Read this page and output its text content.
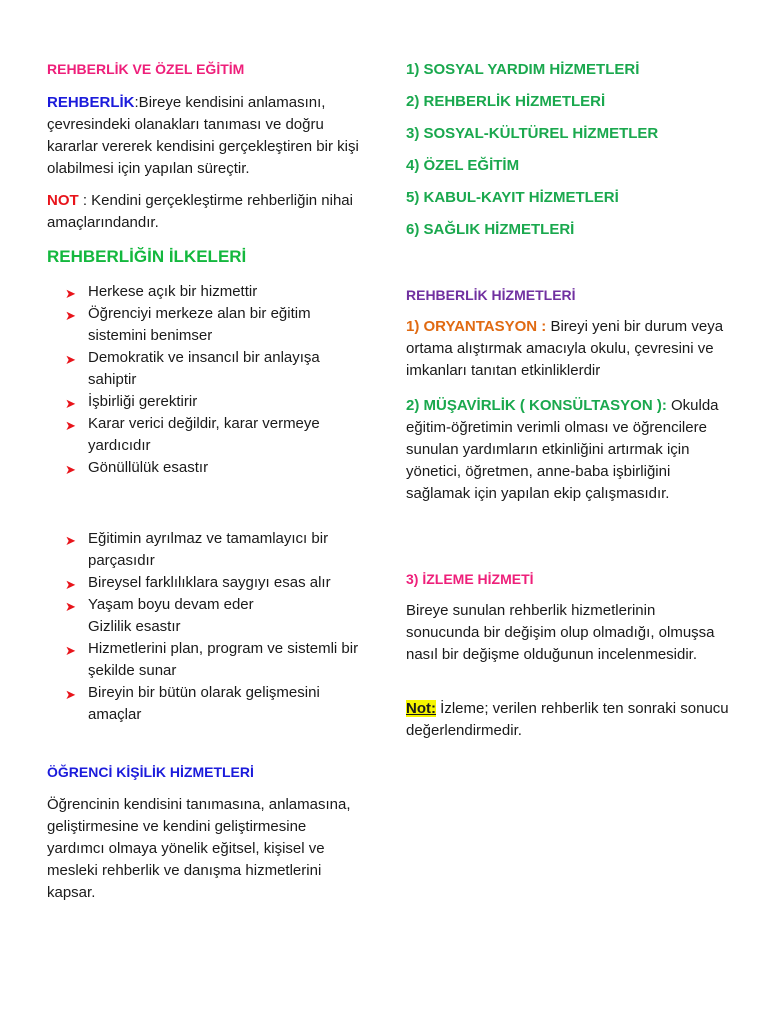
REHBERLİK VE ÖZEL EĞİTİM

REHBERLİK:Bireye kendisini anlamasını, çevresindeki olanakları tanıması ve doğru kararlar vererek kendisini gerçekleştiren bir kişi olabilmesi için yapılan süreçtir.

NOT : Kendini gerçekleştirme rehberliğin nihai amaçlarındandır.

REHBERLİĞİN İLKELERİ

➤ Herkese açık bir hizmettir
➤ Öğrenciyi merkeze alan bir eğitim sistemini benimser
➤ Demokratik ve insancıl bir anlayışa sahiptir
➤ İşbirliği gerektirir
➤ Karar verici değildir, karar vermeye yardıcıdır
➤ Gönüllülük esastır
➤ Eğitimin ayrılmaz ve tamamlayıcı bir parçasıdır
➤ Bireysel farklılıklara saygıyı esas alır
➤ Yaşam boyu devam eder
Gizlilik esastır
➤ Hizmetlerini plan, program ve sistemli bir şekilde sunar
➤ Bireyin bir bütün olarak gelişmesini amaçlar

ÖĞRENCİ KİŞİLİK HİZMETLERİ

Öğrencinin kendisini tanımasına, anlamasına, geliştirmesine ve kendini geliştirmesine yardımcı olmaya yönelik eğitsel, kişisel ve mesleki rehberlik ve danışma hizmetlerini kapsar.

1) SOSYAL YARDIM HİZMETLERİ
2) REHBERLİK HİZMETLERİ
3) SOSYAL-KÜLTÜREL HİZMETLER
4) ÖZEL EĞİTİM
5) KABUL-KAYIT HİZMETLERİ
6) SAĞLIK HİZMETLERİ

REHBERLİK HİZMETLERİ

1) ORYANTASYON : Bireyi yeni bir durum veya ortama alıştırmak amacıyla okulu, çevresini ve imkanları tanıtan etkinliklerdir

2) MÜŞAVİRLİK ( KONSÜLTASYON ): Okulda eğitim-öğretimin verimli olması ve öğrencilere sunulan yardımların etkinliğini artırmak için yönetici, öğretmen, anne-baba işbirliğini sağlamak için yapılan ekip çalışmasıdır.

3) İZLEME HİZMETİ

Bireye sunulan rehberlik hizmetlerinin sonucunda bir değişim olup olmadığı, olmuşsa nasıl bir değişme olduğunun incelenmesidir.

Not: İzleme; verilen rehberlik ten sonraki sonucu değerlendirmedir.
